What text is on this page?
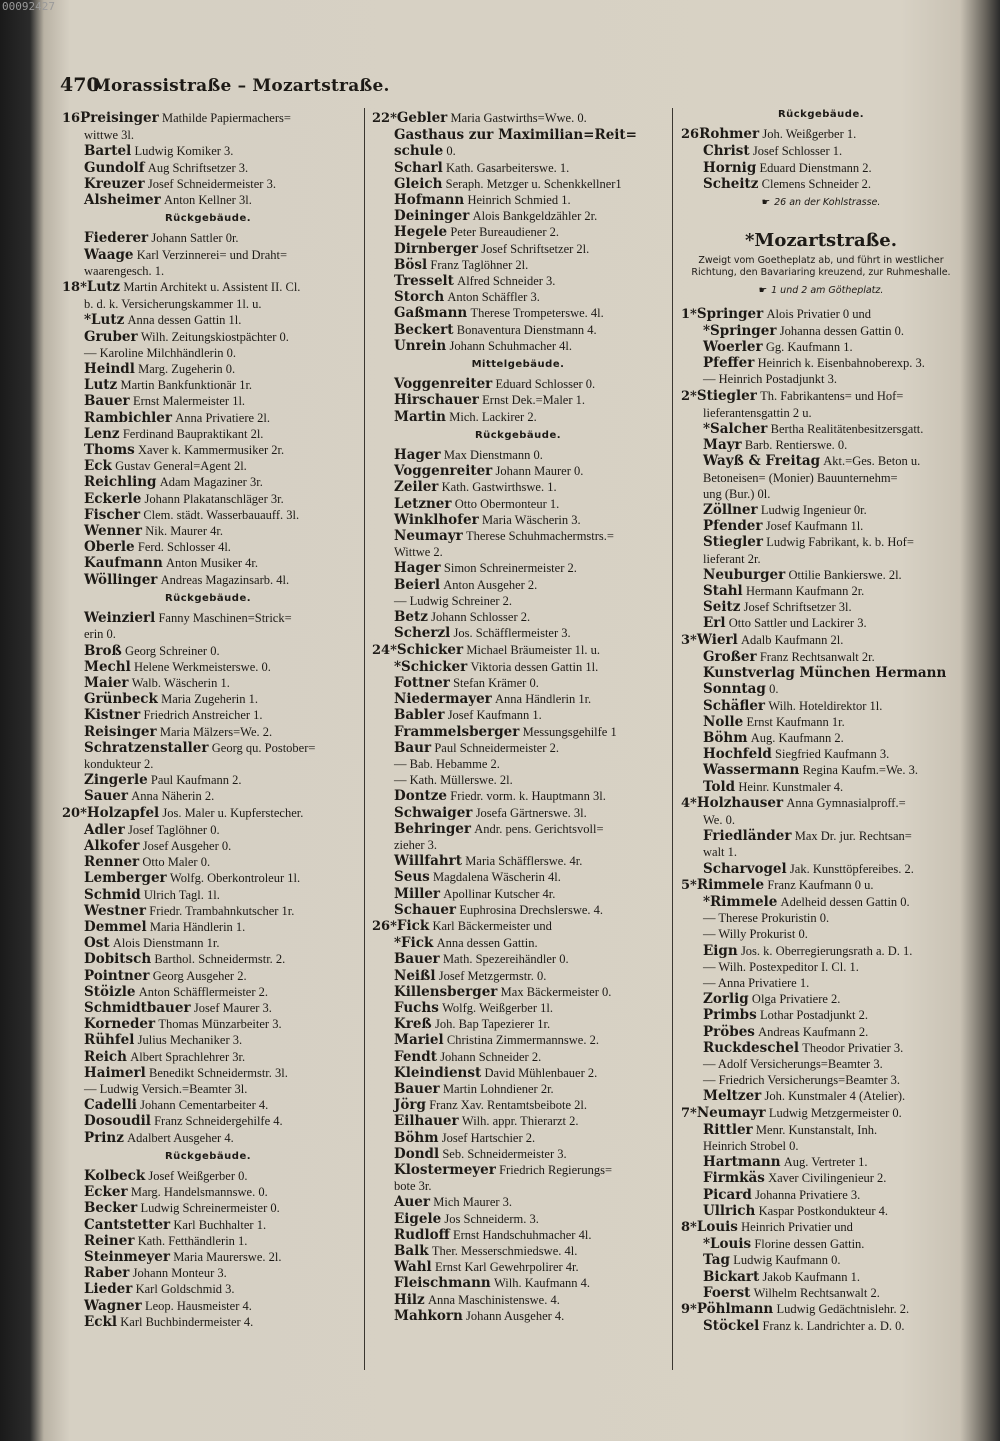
00092427
470
Morassistraße – Mozartstraße.
16Preisinger Mathilde Papiermachers=
wittwe 3l.
Bartel Ludwig Komiker 3.
Gundolf Aug Schriftsetzer 3.
Kreuzer Josef Schneidermeister 3.
Alsheimer Anton Kellner 3l.
Rückgebäude.
Fiederer Johann Sattler 0r.
Waage Karl Verzinnerei= und Draht=
waarengesch. 1.
18*Lutz Martin Architekt u. Assistent II. Cl.
b. d. k. Versicherungskammer 1l. u.
*Lutz Anna dessen Gattin 1l.
Gruber Wilh. Zeitungskiostpächter 0.
— Karoline Milchhändlerin 0.
Heindl Marg. Zugeherin 0.
Lutz Martin Bankfunktionär 1r.
Bauer Ernst Malermeister 1l.
Rambichler Anna Privatiere 2l.
Lenz Ferdinand Baupraktikant 2l.
Thoms Xaver k. Kammermusiker 2r.
Eck Gustav General=Agent 2l.
Reichling Adam Magaziner 3r.
Eckerle Johann Plakatanschläger 3r.
Fischer Clem. städt. Wasserbauauff. 3l.
Wenner Nik. Maurer 4r.
Oberle Ferd. Schlosser 4l.
Kaufmann Anton Musiker 4r.
Wöllinger Andreas Magazinsarb. 4l.
Rückgebäude.
Weinzierl Fanny Maschinen=Strick=
erin 0.
Broß Georg Schreiner 0.
Mechl Helene Werkmeisterswe. 0.
Maier Walb. Wäscherin 1.
Grünbeck Maria Zugeherin 1.
Kistner Friedrich Anstreicher 1.
Reisinger Maria Mälzers=We. 2.
Schratzenstaller Georg qu. Postober=
kondukteur 2.
Zingerle Paul Kaufmann 2.
Sauer Anna Näherin 2.
20*Holzapfel Jos. Maler u. Kupferstecher.
Adler Josef Taglöhner 0.
Alkofer Josef Ausgeher 0.
Renner Otto Maler 0.
Lemberger Wolfg. Oberkontroleur 1l.
Schmid Ulrich Tagl. 1l.
Westner Friedr. Trambahnkutscher 1r.
Demmel Maria Händlerin 1.
Ost Alois Dienstmann 1r.
Dobitsch Barthol. Schneidermstr. 2.
Pointner Georg Ausgeher 2.
Stöizle Anton Schäfflermeister 2.
Schmidtbauer Josef Maurer 3.
Korneder Thomas Münzarbeiter 3.
Rühfel Julius Mechaniker 3.
Reich Albert Sprachlehrer 3r.
Haimerl Benedikt Schneidermstr. 3l.
— Ludwig Versich.=Beamter 3l.
Cadelli Johann Cementarbeiter 4.
Dosoudil Franz Schneidergehilfe 4.
Prinz Adalbert Ausgeher 4.
Rückgebäude.
Kolbeck Josef Weißgerber 0.
Ecker Marg. Handelsmannswe. 0.
Becker Ludwig Schreinermeister 0.
Cantstetter Karl Buchhalter 1.
Reiner Kath. Fetthändlerin 1.
Steinmeyer Maria Maurerswe. 2l.
Raber Johann Monteur 3.
Lieder Karl Goldschmid 3.
Wagner Leop. Hausmeister 4.
Eckl Karl Buchbindermeister 4.
22*Gebler Maria Gastwirths=Wwe. 0.
Gasthaus zur Maximilian=Reit=
schule 0.
Scharl Kath. Gasarbeiterswe. 1.
Gleich Seraph. Metzger u. Schenkkellner1
Hofmann Heinrich Schmied 1.
Deininger Alois Bankgeldzähler 2r.
Hegele Peter Bureaudiener 2.
Dirnberger Josef Schriftsetzer 2l.
Bösl Franz Taglöhner 2l.
Tresselt Alfred Schneider 3.
Storch Anton Schäffler 3.
Gaßmann Therese Trompeterswe. 4l.
Beckert Bonaventura Dienstmann 4.
Unrein Johann Schuhmacher 4l.
Mittelgebäude.
Voggenreiter Eduard Schlosser 0.
Hirschauer Ernst Dek.=Maler 1.
Martin Mich. Lackirer 2.
Rückgebäude.
Hager Max Dienstmann 0.
Voggenreiter Johann Maurer 0.
Zeiler Kath. Gastwirthswe. 1.
Letzner Otto Obermonteur 1.
Winklhofer Maria Wäscherin 3.
Neumayr Therese Schuhmachermstrs.=
Wittwe 2.
Hager Simon Schreinermeister 2.
Beierl Anton Ausgeher 2.
— Ludwig Schreiner 2.
Betz Johann Schlosser 2.
Scherzl Jos. Schäfflermeister 3.
24*Schicker Michael Bräumeister 1l. u.
*Schicker Viktoria dessen Gattin 1l.
Fottner Stefan Krämer 0.
Niedermayer Anna Händlerin 1r.
Babler Josef Kaufmann 1.
Frammelsberger Messungsgehilfe 1
Baur Paul Schneidermeister 2.
— Bab. Hebamme 2.
— Kath. Müllerswe. 2l.
Dontze Friedr. vorm. k. Hauptmann 3l.
Schwaiger Josefa Gärtnerswe. 3l.
Behringer Andr. pens. Gerichtsvoll=
zieher 3.
Willfahrt Maria Schäfflerswe. 4r.
Seus Magdalena Wäscherin 4l.
Miller Apollinar Kutscher 4r.
Schauer Euphrosina Drechslerswe. 4.
26*Fick Karl Bäckermeister und
*Fick Anna dessen Gattin.
Bauer Math. Spezereihändler 0.
Neißl Josef Metzgermstr. 0.
Killensberger Max Bäckermeister 0.
Fuchs Wolfg. Weißgerber 1l.
Kreß Joh. Bap Tapezierer 1r.
Mariel Christina Zimmermannswe. 2.
Fendt Johann Schneider 2.
Kleindienst David Mühlenbauer 2.
Bauer Martin Lohndiener 2r.
Jörg Franz Xav. Rentamtsbeibote 2l.
Eilhauer Wilh. appr. Thierarzt 2.
Böhm Josef Hartschier 2.
Dondl Seb. Schneidermeister 3.
Klostermeyer Friedrich Regierungs=
bote 3r.
Auer Mich Maurer 3.
Eigele Jos Schneiderm. 3.
Rudloff Ernst Handschuhmacher 4l.
Balk Ther. Messerschmiedswe. 4l.
Wahl Ernst Karl Gewehrpolirer 4r.
Fleischmann Wilh. Kaufmann 4.
Hilz Anna Maschinistenswe. 4.
Mahkorn Johann Ausgeher 4.
Rückgebäude.
26Rohmer Joh. Weißgerber 1.
Christ Josef Schlosser 1.
Hornig Eduard Dienstmann 2.
Scheitz Clemens Schneider 2.
☛ 26 an der Kohlstrasse.
*Mozartstraße.
Zweigt vom Goetheplatz ab, und führt in westlicher Richtung, den Bavariaring kreuzend, zur Ruhmeshalle.
☛ 1 und 2 am Götheplatz.
1*Springer Alois Privatier 0 und
*Springer Johanna dessen Gattin 0.
Woerler Gg. Kaufmann 1.
Pfeffer Heinrich k. Eisenbahnoberexp. 3.
— Heinrich Postadjunkt 3.
2*Stiegler Th. Fabrikantens= und Hof=
lieferantensgattin 2 u.
*Salcher Bertha Realitätenbesitzersgatt.
Mayr Barb. Rentierswe. 0.
Wayß & Freitag Akt.=Ges. Beton u.
Betoneisen= (Monier) Bauunternehm=
ung (Bur.) 0l.
Zöllner Ludwig Ingenieur 0r.
Pfender Josef Kaufmann 1l.
Stiegler Ludwig Fabrikant, k. b. Hof=
lieferant 2r.
Neuburger Ottilie Bankierswe. 2l.
Stahl Hermann Kaufmann 2r.
Seitz Josef Schriftsetzer 3l.
Erl Otto Sattler und Lackirer 3.
3*Wierl Adalb Kaufmann 2l.
Großer Franz Rechtsanwalt 2r.
Kunstverlag München Hermann
Sonntag 0.
Schäfler Wilh. Hoteldirektor 1l.
Nolle Ernst Kaufmann 1r.
Böhm Aug. Kaufmann 2.
Hochfeld Siegfried Kaufmann 3.
Wassermann Regina Kaufm.=We. 3.
Told Heinr. Kunstmaler 4.
4*Holzhauser Anna Gymnasialproff.=
We. 0.
Friedländer Max Dr. jur. Rechtsan=
walt 1.
Scharvogel Jak. Kunsttöpfereibes. 2.
5*Rimmele Franz Kaufmann 0 u.
*Rimmele Adelheid dessen Gattin 0.
— Therese Prokuristin 0.
— Willy Prokurist 0.
Eign Jos. k. Oberregierungsrath a. D. 1.
— Wilh. Postexpeditor I. Cl. 1.
— Anna Privatiere 1.
Zorlig Olga Privatiere 2.
Primbs Lothar Postadjunkt 2.
Pröbes Andreas Kaufmann 2.
Ruckdeschel Theodor Privatier 3.
— Adolf Versicherungs=Beamter 3.
— Friedrich Versicherungs=Beamter 3.
Meltzer Joh. Kunstmaler 4 (Atelier).
7*Neumayr Ludwig Metzgermeister 0.
Rittler Menr. Kunstanstalt, Inh.
Heinrich Strobel 0.
Hartmann Aug. Vertreter 1.
Firmkäs Xaver Civilingenieur 2.
Picard Johanna Privatiere 3.
Ullrich Kaspar Postkondukteur 4.
8*Louis Heinrich Privatier und
*Louis Florine dessen Gattin.
Tag Ludwig Kaufmann 0.
Bickart Jakob Kaufmann 1.
Foerst Wilhelm Rechtsanwalt 2.
9*Pöhlmann Ludwig Gedächtnislehr. 2.
Stöckel Franz k. Landrichter a. D. 0.
